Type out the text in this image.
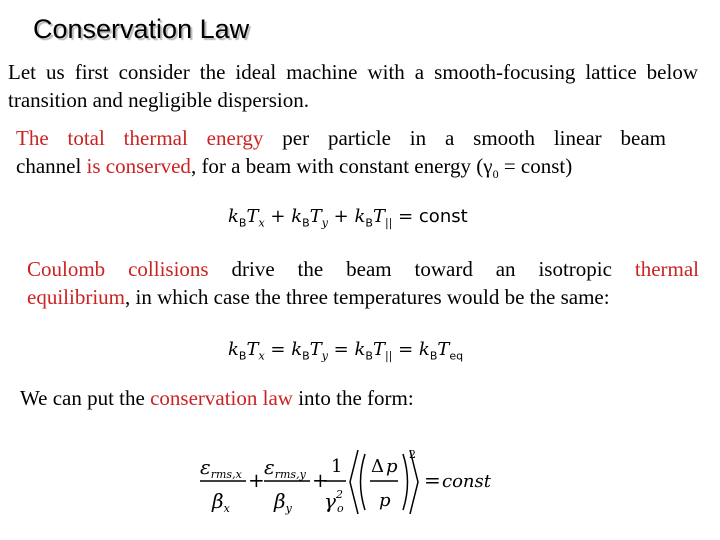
Conservation Law
Let us first consider the ideal machine with a smooth-focusing lattice below transition and negligible dispersion.
The total thermal energy per particle in a smooth linear beam
channel is conserved, for a beam with constant energy ($\gamma_0$ = const)
$k_BT_x + k_BT_y + k_BT_{||}$ = const
Coulomb collisions drive the beam toward an isotropic thermal
equilibrium, in which case the three temperatures would be the same:
$k_BT_x = k_BT_y = k_BT_{||} = k_BT_{eq}$
We can put the conservation law into the form:
$\varepsilon_{rms,x}$
$\beta_x$
+
$\varepsilon_{rms,y}$
$\beta_y$
+
1
$\gamma^2$ o
Δ p
p
2
= const
